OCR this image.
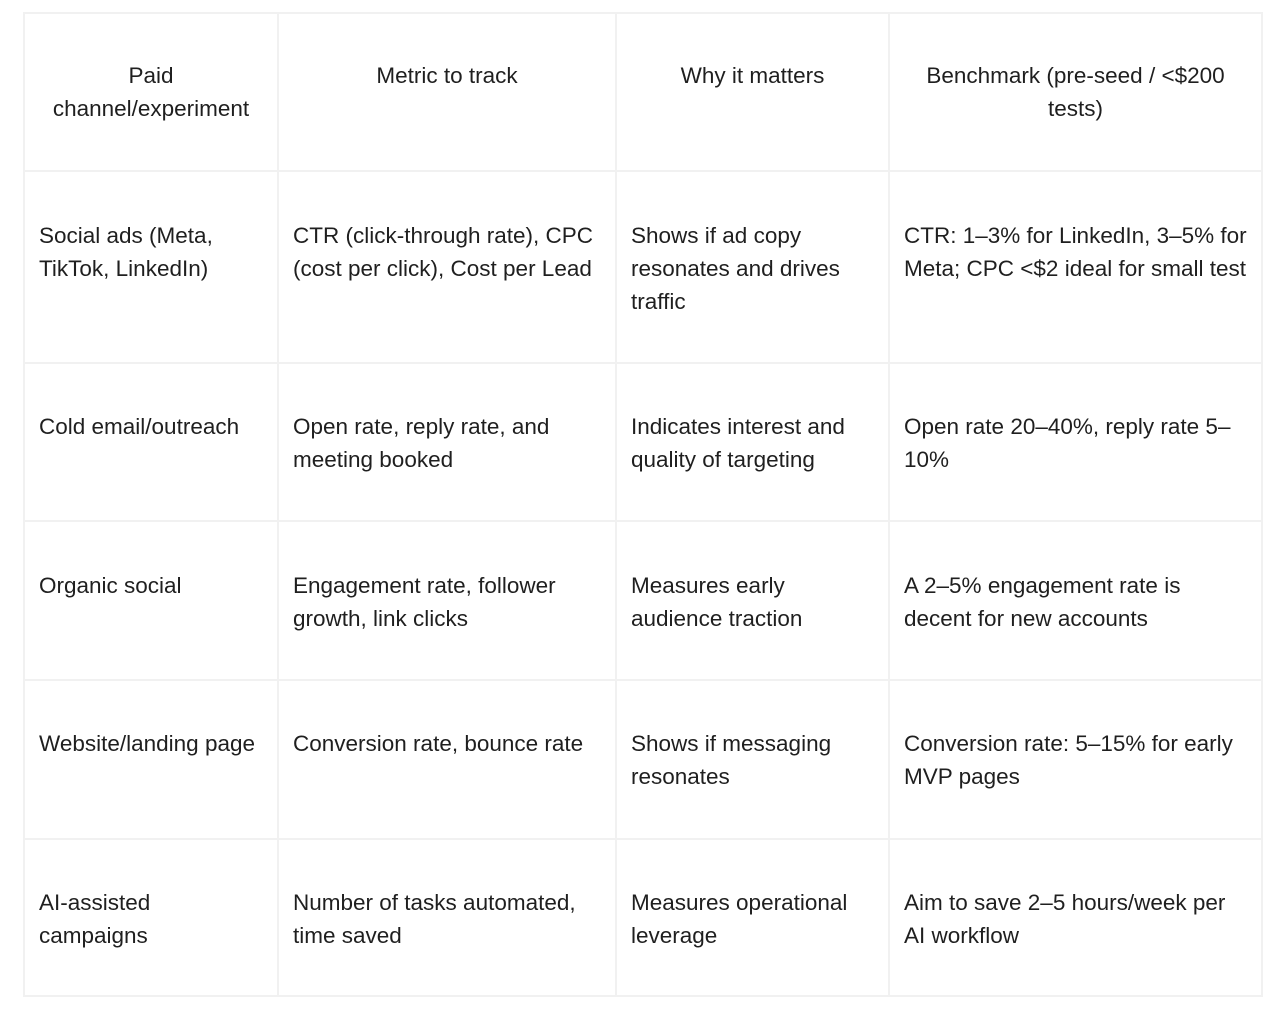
Paid channel/experiment	Metric to track	Why it matters	Benchmark (pre-seed / <$200 tests)
Social ads (Meta, TikTok, LinkedIn)	CTR (click-through rate), CPC (cost per click), Cost per Lead	Shows if ad copy resonates and drives traffic	CTR: 1–3% for LinkedIn, 3–5% for Meta; CPC <$2 ideal for small test
Cold email/outreach	Open rate, reply rate, and meeting booked	Indicates interest and quality of targeting	Open rate 20–40%, reply rate 5–10%
Organic social	Engagement rate, follower growth, link clicks	Measures early audience traction	A 2–5% engagement rate is decent for new accounts
Website/landing page	Conversion rate, bounce rate	Shows if messaging resonates	Conversion rate: 5–15% for early MVP pages
AI-assisted campaigns	Number of tasks automated, time saved	Measures operational leverage	Aim to save 2–5 hours/week per AI workflow
